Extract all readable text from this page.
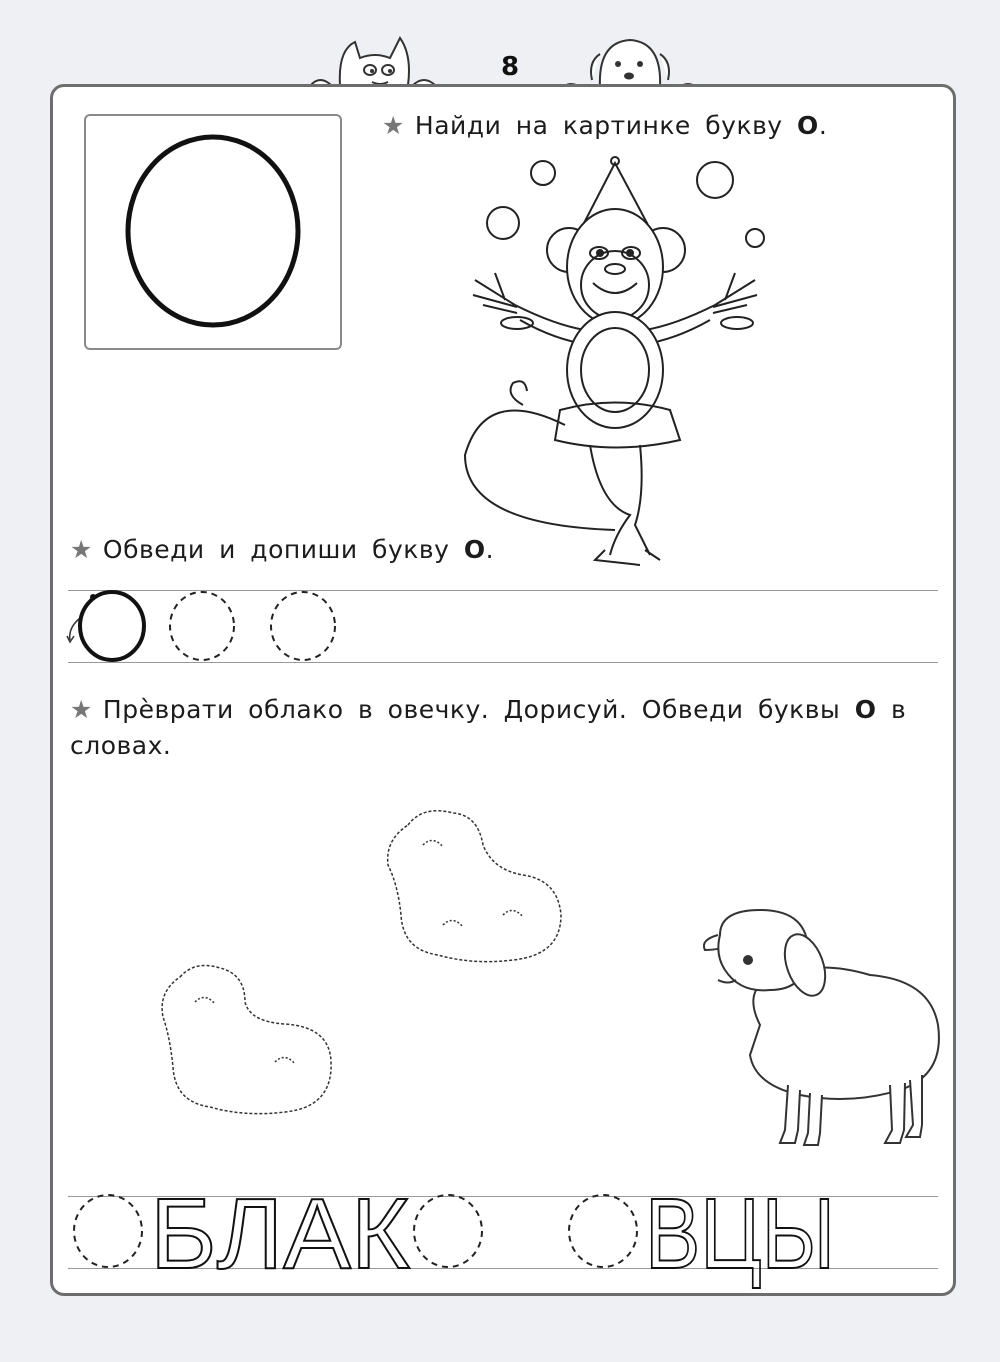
8
★ Найди на картинке букву О.
★ Обведи и допиши букву О.
★ Прѐврати облако в овечку. Дорисуй. Обведи буквы О в словах.
БЛАК ВЦЫ
